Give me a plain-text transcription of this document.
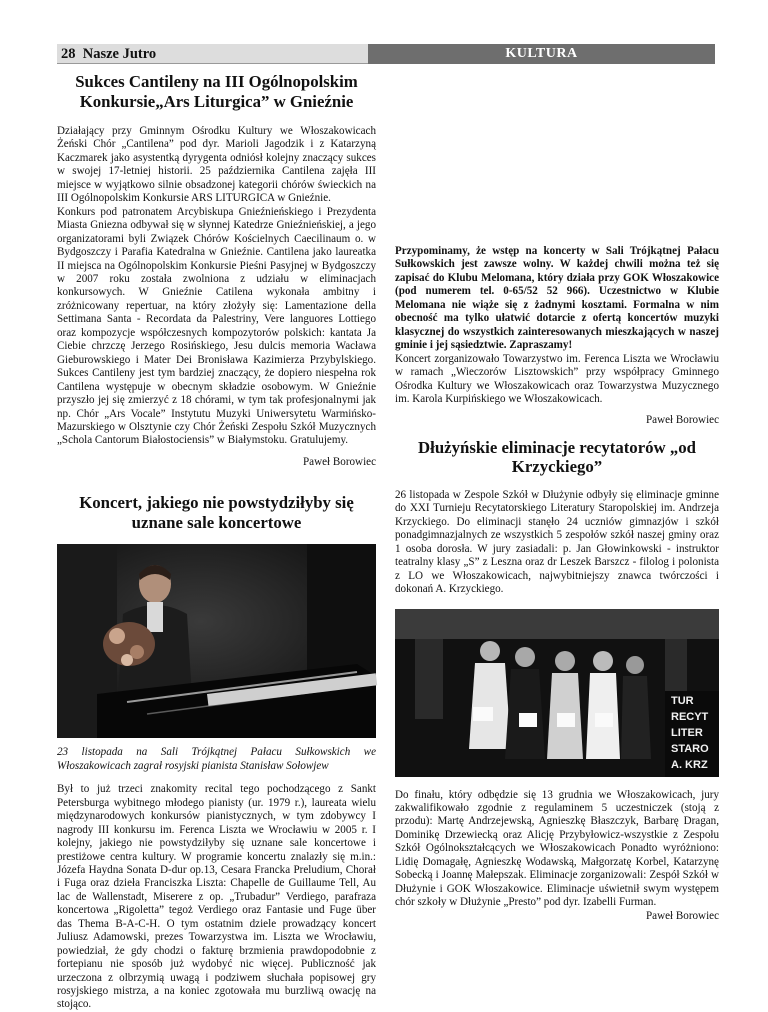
28 Nasze Jutro	KULTURA
Sukces Cantileny na III Ogólnopolskim Konkursie„Ars Liturgica” w Gnieźnie

Działający przy Gminnym Ośrodku Kultury we Włoszakowicach Żeński Chór „Cantilena” pod dyr. Marioli Jagodzik i z Katarzyną Kaczmarek jako asystentką dyrygenta odniósł kolejny znaczący sukces w swojej 17-letniej historii. 25 października Cantilena zajęła III miejsce w wyjątkowo silnie obsadzonej kategorii chórów świeckich na III Ogólnopolskim Konkursie ARS LITURGICA w Gnieźnie.

Konkurs pod patronatem Arcybiskupa Gnieźnieńskiego i Prezydenta Miasta Gniezna odbywał się w słynnej Katedrze Gnieźnieńskiej, a jego organizatorami byli Związek Chórów Kościelnych Caecilinaum o. w Bydgoszczy i Parafia Katedralna w Gnieźnie. Cantilena jako laureatka II miejsca na Ogólnopolskim Konkursie Pieśni Pasyjnej w Bydgoszczy w 2007 roku została zwolniona z udziału w eliminacjach konkursowych. W Gnieźnie Catilena wykonała ambitny i zróżnicowany repertuar, na który złożyły się: Lamentazione della Settimana Santa - Recordata da Palestriny, Vere languores Lottiego oraz kompozycje współczesnych kompozytorów polskich: kantata Ja Ciebie chrzczę Jerzego Rosińskiego, Jesu dulcis memoria Wacława Gieburowskiego i Mater Dei Bronisława Kazimierza Przybylskiego. Sukces Cantileny jest tym bardziej znaczący, że dopiero niespełna rok Cantilena występuje w obecnym składzie osobowym. W Gnieźnie przyszło jej się zmierzyć z 18 chórami, w tym tak profesjonalnymi jak np. Chór „Ars Vocale” Instytutu Muzyki Uniwersytetu Warmińsko-Mazurskiego w Olsztynie czy Chór Żeński Zespołu Szkół Muzycznych „Schola Cantorum Białostociensis” w Białymstoku. Gratulujemy.

Paweł Borowiec

Koncert, jakiego nie powstydziłyby się uznane sale koncertowe

23 listopada na Sali Trójkątnej Pałacu Sułkowskich we Włoszakowicach zagrał rosyjski pianista Stanisław Sołowjew

Był to już trzeci znakomity recital tego pochodzącego z Sankt Petersburga wybitnego młodego pianisty (ur. 1979 r.), laureata wielu międzynarodowych konkursów pianistycznych, w tym zdobywcy I nagrody III konkursu im. Ferenca Liszta we Wrocławiu w 2005 r. I kolejny, jakiego nie powstydziłyby się uznane sale koncertowe i prestiżowe centra kultury. W programie koncertu znalazły się m.in.: Józefa Haydna Sonata D-dur op.13, Cesara Francka Preludium, Chorał i Fuga oraz dzieła Franciszka Liszta: Chapelle de Guillaume Tell, Au lac de Wallenstadt, Miserere z op. „Trubadur” Verdiego, parafraza koncertowa „Rigoletta” tegoż Verdiego oraz Fantasie und Fuge über das Thema B-A-C-H. O tym ostatnim dziele prowadzący koncert Juliusz Adamowski, prezes Towarzystwa im. Liszta we Wrocławiu, powiedział, że gdy chodzi o fakturę brzmienia prawdopodobnie z fortepianu nie sposób już wydobyć nic więcej. Publiczność jak urzeczona z olbrzymią uwagą i podziwem słuchała popisowej gry rosyjskiego mistrza, a na koniec zgotowała mu burzliwą owację na stojąco.

Przypominamy, że wstęp na koncerty w Sali Trójkątnej Pałacu Sułkowskich jest zawsze wolny. W każdej chwili można też się zapisać do Klubu Melomana, który działa przy GOK Włoszakowice (pod numerem tel. 0-65/52 52 966). Uczestnictwo w Klubie Melomana nie wiąże się z żadnymi kosztami. Formalna w nim obecność ma tylko ułatwić dotarcie z ofertą koncertów muzyki klasycznej do wszystkich zainteresowanych mieszkających w naszej gminie i jej sąsiedztwie. Zapraszamy!

Koncert zorganizowało Towarzystwo im. Ferenca Liszta we Wrocławiu w ramach „Wieczorów Lisztowskich” przy współpracy Gminnego Ośrodka Kultury we Włoszakowicach oraz Towarzystwa Muzycznego im. Karola Kurpińskiego we Włoszakowicach.

Paweł Borowiec

Dłużyńskie eliminacje recytatorów „od Krzyckiego”

26 listopada w Zespole Szkół w Dłużynie odbyły się eliminacje gminne do XXI Turnieju Recytatorskiego Literatury Staropolskiej im. Andrzeja Krzyckiego. Do eliminacji stanęło 24 uczniów gimnazjów i szkół ponadgimnazjalnych ze wszystkich 5 zespołów szkół naszej gminy oraz 1 osoba dorosła. W jury zasiadali: p. Jan Głowinkowski - instruktor teatralny klasy „S” z Leszna oraz dr Leszek Barszcz - filolog i polonista z LO we Włoszakowicach, najwybitniejszy znawca twórczości i dokonań A. Krzyckiego.

TUR
RECYT
LITER
STARO
A. KRZ

Do finału, który odbędzie się 13 grudnia we Włoszakowicach, jury zakwalifikowało zgodnie z regulaminem 5 uczestniczek (stoją z przodu): Martę Andrzejewską, Agnieszkę Błaszczyk, Barbarę Dragan, Dominikę Drzewiecką oraz Alicję Przybyłowicz-wszystkie z Zespołu Szkół Ogólnokształcących we Włoszakowicach Ponadto wyróżniono: Lidię Domagałę, Agnieszkę Wodawską, Małgorzatę Korbel, Katarzynę Sobecką i Joannę Małepszak. Eliminacje zorganizowali: Zespół Szkół w Dłużynie i GOK Włoszakowice. Eliminacje uświetnił swym występem chór szkoły w Dłużynie „Presto” pod dyr. Izabelli Furman.

Paweł Borowiec
